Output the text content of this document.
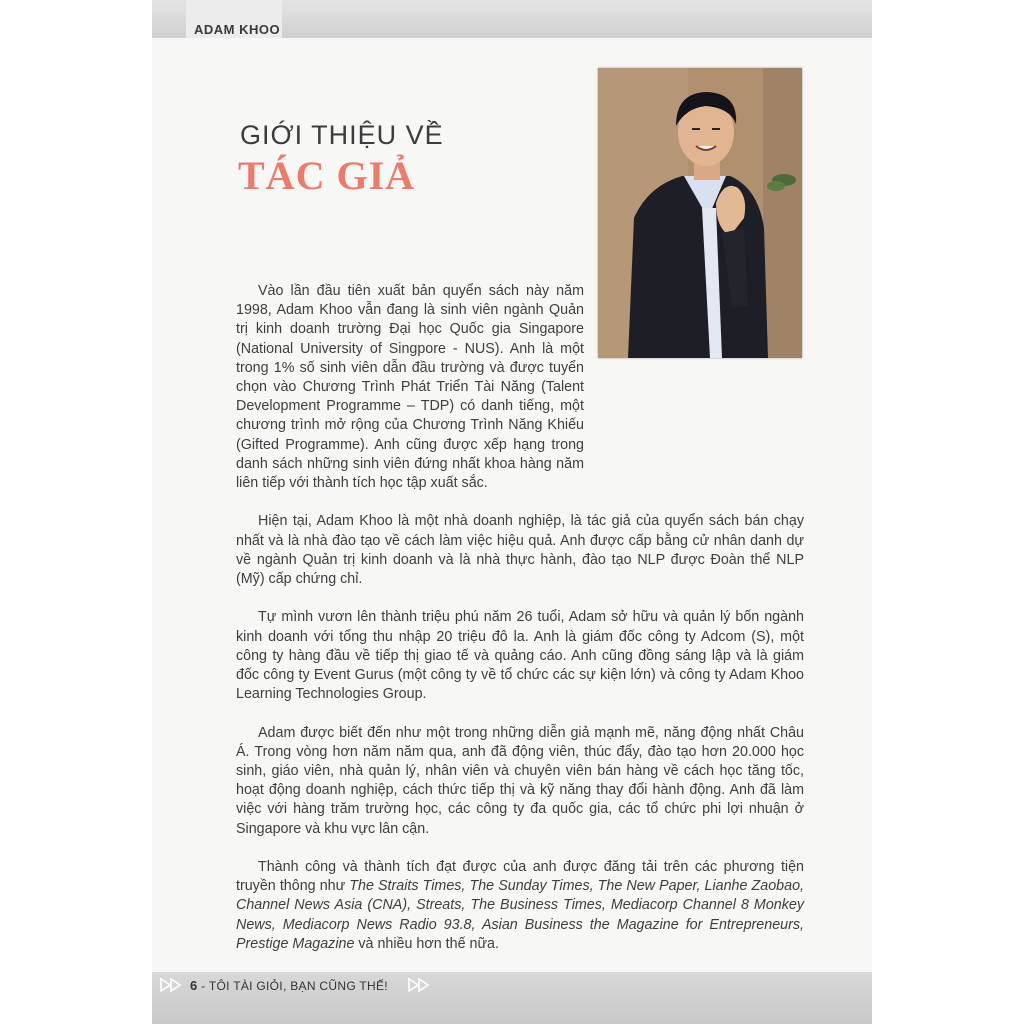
ADAM KHOO
GIỚI THIỆU VỀ
TÁC GIẢ

Vào lần đầu tiên xuất bản quyển sách này năm 1998, Adam Khoo vẫn đang là sinh viên ngành Quản trị kinh doanh trường Đại học Quốc gia Singapore (National University of Singpore - NUS). Anh là một trong 1% số sinh viên dẫn đầu trường và được tuyển chọn vào Chương Trình Phát Triển Tài Năng (Talent Development Programme – TDP) có danh tiếng, một chương trình mở rộng của Chương Trình Năng Khiếu (Gifted Programme). Anh cũng được xếp hạng trong danh sách những sinh viên đứng nhất khoa hàng năm liên tiếp với thành tích học tập xuất sắc.

Hiện tại, Adam Khoo là một nhà doanh nghiệp, là tác giả của quyển sách bán chạy nhất và là nhà đào tạo về cách làm việc hiệu quả. Anh được cấp bằng cử nhân danh dự về ngành Quản trị kinh doanh và là nhà thực hành, đào tạo NLP được Đoàn thể NLP (Mỹ) cấp chứng chỉ.

Tự mình vươn lên thành triệu phú năm 26 tuổi, Adam sở hữu và quản lý bốn ngành kinh doanh với tổng thu nhập 20 triệu đô la. Anh là giám đốc công ty Adcom (S), một công ty hàng đầu về tiếp thị giao tế và quảng cáo. Anh cũng đồng sáng lập và là giám đốc công ty Event Gurus (một công ty về tổ chức các sự kiện lớn) và công ty Adam Khoo Learning Technologies Group.

Adam được biết đến như một trong những diễn giả mạnh mẽ, năng động nhất Châu Á. Trong vòng hơn năm năm qua, anh đã động viên, thúc đẩy, đào tạo hơn 20.000 học sinh, giáo viên, nhà quản lý, nhân viên và chuyên viên bán hàng về cách học tăng tốc, hoạt động doanh nghiệp, cách thức tiếp thị và kỹ năng thay đổi hành động. Anh đã làm việc với hàng trăm trường học, các công ty đa quốc gia, các tổ chức phi lợi nhuận ở Singapore và khu vực lân cận.

Thành công và thành tích đạt được của anh được đăng tải trên các phương tiện truyền thông như The Straits Times, The Sunday Times, The New Paper, Lianhe Zaobao, Channel News Asia (CNA), Streats, The Business Times, Mediacorp Channel 8 Monkey News, Mediacorp News Radio 93.8, Asian Business the Magazine for Entrepreneurs, Prestige Magazine và nhiều hơn thế nữa.

6 - TÔI TÀI GIỎI, BẠN CŨNG THẾ!
